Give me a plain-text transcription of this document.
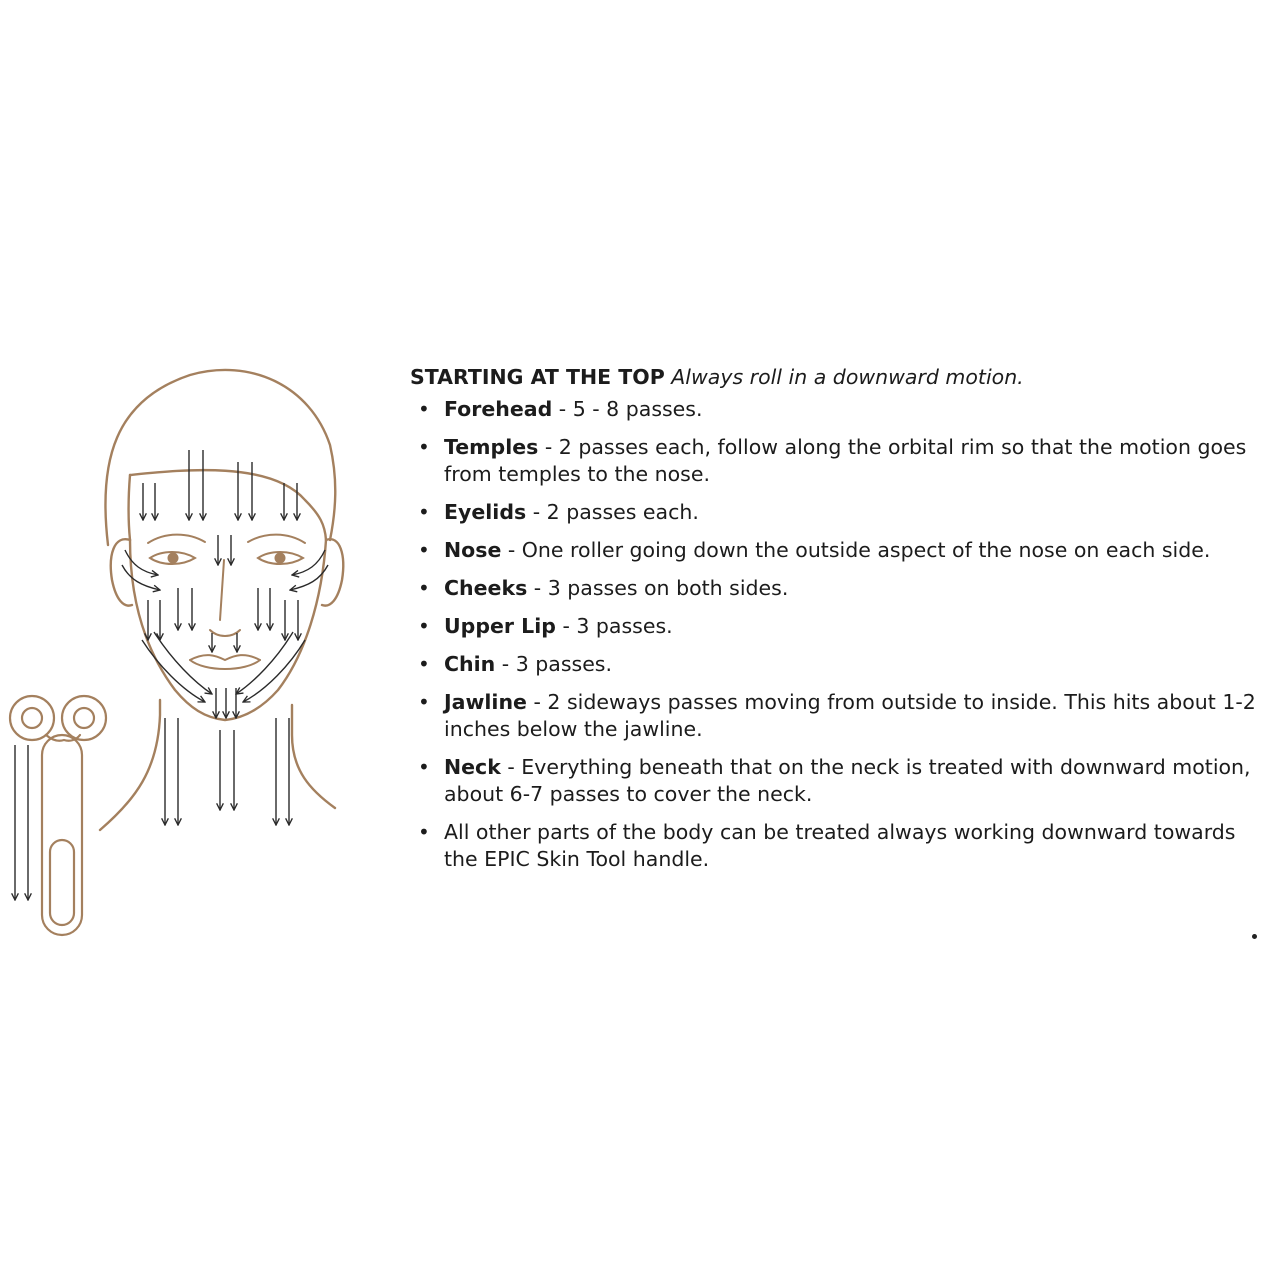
STARTING AT THE TOP Always roll in a downward motion.
• Forehead - 5 - 8 passes.
• Temples - 2 passes each, follow along the orbital rim so that the motion goes from temples to the nose.
• Eyelids - 2 passes each.
• Nose - One roller going down the outside aspect of the nose on each side.
• Cheeks - 3 passes on both sides.
• Upper Lip - 3 passes.
• Chin - 3 passes.
• Jawline - 2 sideways passes moving from outside to inside. This hits about 1-2 inches below the jawline.
• Neck - Everything beneath that on the neck is treated with downward motion, about 6-7 passes to cover the neck.
• All other parts of the body can be treated always working downward towards the EPIC Skin Tool handle.
